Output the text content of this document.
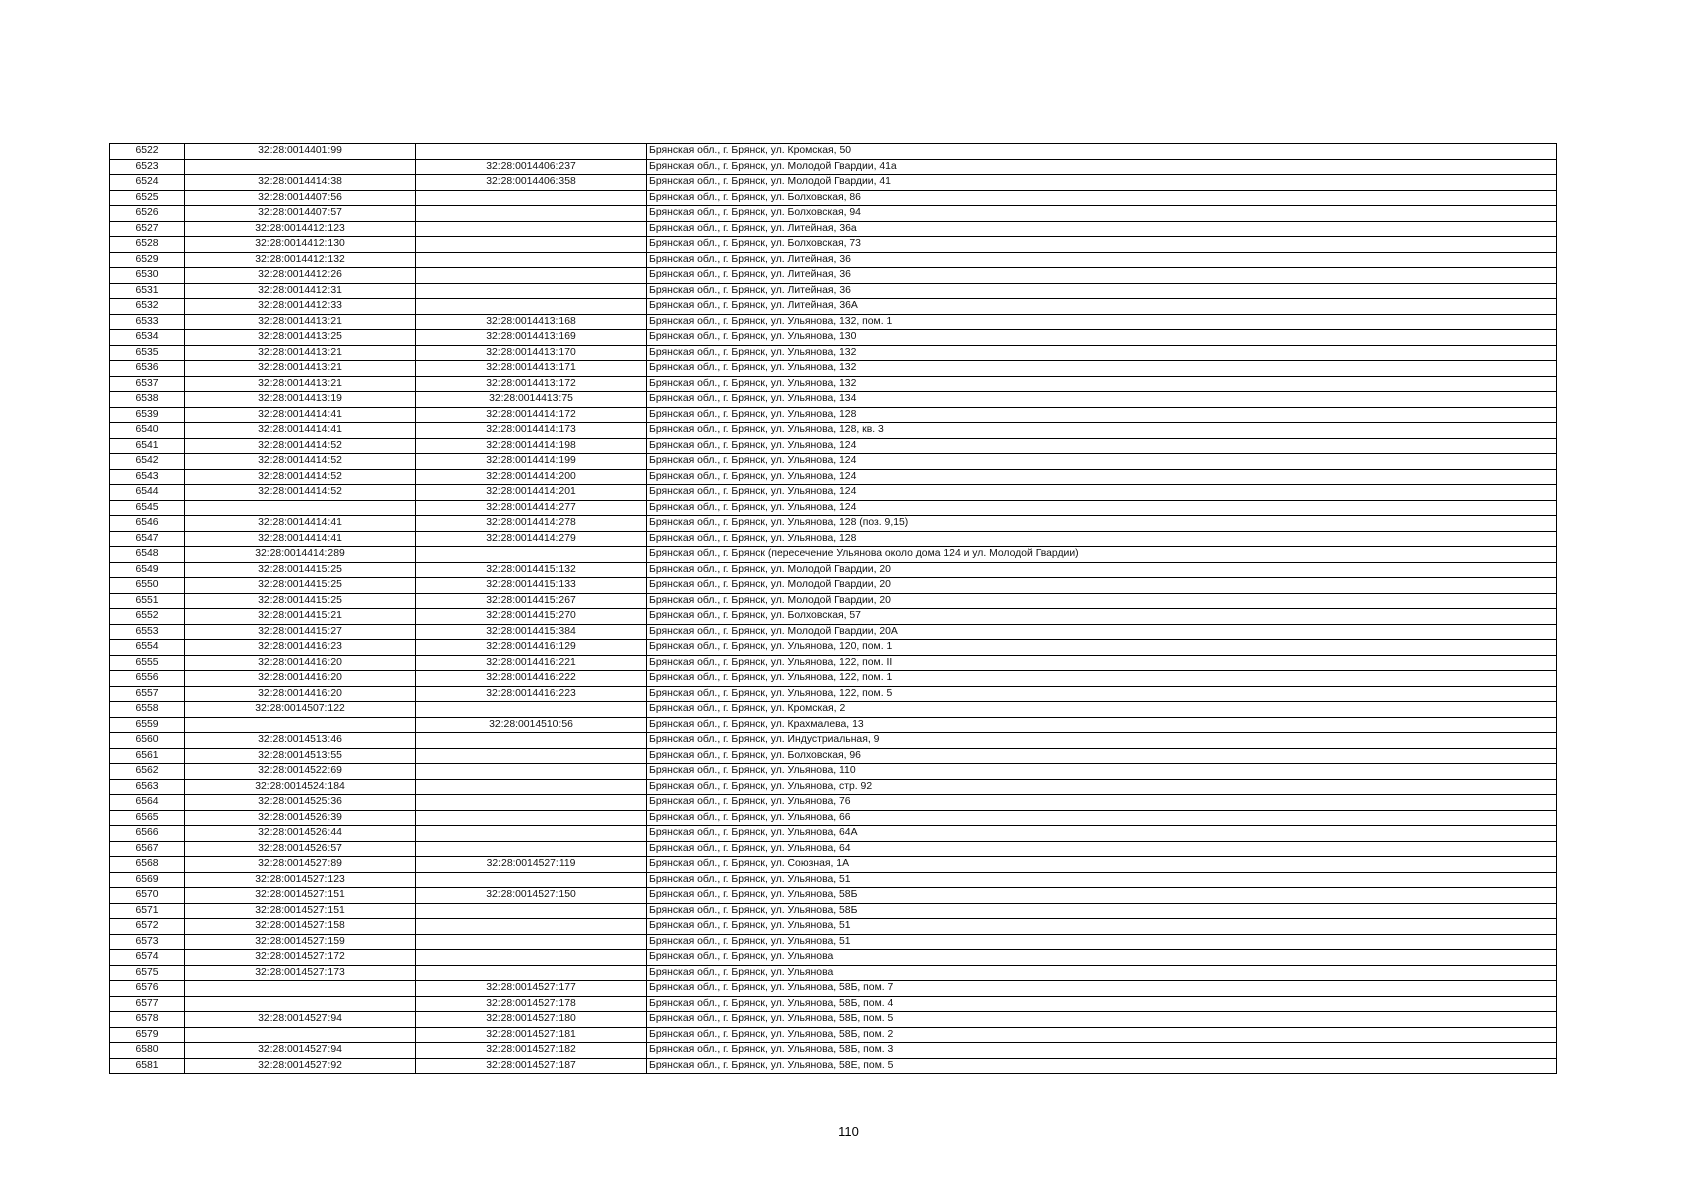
6522	32:28:0014401:99		Брянская обл., г. Брянск, ул. Кромская, 50
6523		32:28:0014406:237	Брянская обл., г. Брянск, ул. Молодой Гвардии, 41а
6524	32:28:0014414:38	32:28:0014406:358	Брянская обл., г. Брянск, ул. Молодой Гвардии, 41
6525	32:28:0014407:56		Брянская обл., г. Брянск, ул. Болховская, 86
6526	32:28:0014407:57		Брянская обл., г. Брянск, ул. Болховская, 94
6527	32:28:0014412:123		Брянская обл., г. Брянск, ул. Литейная, 36а
6528	32:28:0014412:130		Брянская обл., г. Брянск, ул. Болховская, 73
6529	32:28:0014412:132		Брянская обл., г. Брянск, ул. Литейная, 36
6530	32:28:0014412:26		Брянская обл., г. Брянск, ул. Литейная, 36
6531	32:28:0014412:31		Брянская обл., г. Брянск, ул. Литейная, 36
6532	32:28:0014412:33		Брянская обл., г. Брянск, ул. Литейная, 36А
6533	32:28:0014413:21	32:28:0014413:168	Брянская обл., г. Брянск, ул. Ульянова, 132, пом. 1
6534	32:28:0014413:25	32:28:0014413:169	Брянская обл., г. Брянск, ул. Ульянова, 130
6535	32:28:0014413:21	32:28:0014413:170	Брянская обл., г. Брянск, ул. Ульянова, 132
6536	32:28:0014413:21	32:28:0014413:171	Брянская обл., г. Брянск, ул. Ульянова, 132
6537	32:28:0014413:21	32:28:0014413:172	Брянская обл., г. Брянск, ул. Ульянова, 132
6538	32:28:0014413:19	32:28:0014413:75	Брянская обл., г. Брянск, ул. Ульянова, 134
6539	32:28:0014414:41	32:28:0014414:172	Брянская обл., г. Брянск, ул. Ульянова, 128
6540	32:28:0014414:41	32:28:0014414:173	Брянская обл., г. Брянск, ул. Ульянова, 128, кв. 3
6541	32:28:0014414:52	32:28:0014414:198	Брянская обл., г. Брянск, ул. Ульянова, 124
6542	32:28:0014414:52	32:28:0014414:199	Брянская обл., г. Брянск, ул. Ульянова, 124
6543	32:28:0014414:52	32:28:0014414:200	Брянская обл., г. Брянск, ул. Ульянова, 124
6544	32:28:0014414:52	32:28:0014414:201	Брянская обл., г. Брянск, ул. Ульянова, 124
6545		32:28:0014414:277	Брянская обл., г. Брянск, ул. Ульянова, 124
6546	32:28:0014414:41	32:28:0014414:278	Брянская обл., г. Брянск, ул. Ульянова, 128 (поз. 9,15)
6547	32:28:0014414:41	32:28:0014414:279	Брянская обл., г. Брянск, ул. Ульянова, 128
6548	32:28:0014414:289		Брянская обл., г. Брянск (пересечение Ульянова около дома 124 и ул. Молодой Гвардии)
6549	32:28:0014415:25	32:28:0014415:132	Брянская обл., г. Брянск, ул. Молодой Гвардии, 20
6550	32:28:0014415:25	32:28:0014415:133	Брянская обл., г. Брянск, ул. Молодой Гвардии, 20
6551	32:28:0014415:25	32:28:0014415:267	Брянская обл., г. Брянск, ул. Молодой Гвардии, 20
6552	32:28:0014415:21	32:28:0014415:270	Брянская обл., г. Брянск, ул. Болховская, 57
6553	32:28:0014415:27	32:28:0014415:384	Брянская обл., г. Брянск, ул. Молодой Гвардии, 20А
6554	32:28:0014416:23	32:28:0014416:129	Брянская обл., г. Брянск, ул. Ульянова, 120, пом. 1
6555	32:28:0014416:20	32:28:0014416:221	Брянская обл., г. Брянск, ул. Ульянова, 122, пом. II
6556	32:28:0014416:20	32:28:0014416:222	Брянская обл., г. Брянск, ул. Ульянова, 122, пом. 1
6557	32:28:0014416:20	32:28:0014416:223	Брянская обл., г. Брянск, ул. Ульянова, 122, пом. 5
6558	32:28:0014507:122		Брянская обл., г. Брянск, ул. Кромская, 2
6559		32:28:0014510:56	Брянская обл., г. Брянск, ул. Крахмалева, 13
6560	32:28:0014513:46		Брянская обл., г. Брянск, ул. Индустриальная, 9
6561	32:28:0014513:55		Брянская обл., г. Брянск, ул. Болховская, 96
6562	32:28:0014522:69		Брянская обл., г. Брянск, ул. Ульянова, 110
6563	32:28:0014524:184		Брянская обл., г. Брянск, ул. Ульянова, стр. 92
6564	32:28:0014525:36		Брянская обл., г. Брянск, ул. Ульянова, 76
6565	32:28:0014526:39		Брянская обл., г. Брянск, ул. Ульянова, 66
6566	32:28:0014526:44		Брянская обл., г. Брянск, ул. Ульянова, 64А
6567	32:28:0014526:57		Брянская обл., г. Брянск, ул. Ульянова, 64
6568	32:28:0014527:89	32:28:0014527:119	Брянская обл., г. Брянск, ул. Союзная, 1А
6569	32:28:0014527:123		Брянская обл., г. Брянск, ул. Ульянова, 51
6570	32:28:0014527:151	32:28:0014527:150	Брянская обл., г. Брянск, ул. Ульянова, 58Б
6571	32:28:0014527:151		Брянская обл., г. Брянск, ул. Ульянова, 58Б
6572	32:28:0014527:158		Брянская обл., г. Брянск, ул. Ульянова, 51
6573	32:28:0014527:159		Брянская обл., г. Брянск, ул. Ульянова, 51
6574	32:28:0014527:172		Брянская обл., г. Брянск, ул. Ульянова
6575	32:28:0014527:173		Брянская обл., г. Брянск, ул. Ульянова
6576		32:28:0014527:177	Брянская обл., г. Брянск, ул. Ульянова, 58Б, пом. 7
6577		32:28:0014527:178	Брянская обл., г. Брянск, ул. Ульянова, 58Б, пом. 4
6578	32:28:0014527:94	32:28:0014527:180	Брянская обл., г. Брянск, ул. Ульянова, 58Б, пом. 5
6579		32:28:0014527:181	Брянская обл., г. Брянск, ул. Ульянова, 58Б, пом. 2
6580	32:28:0014527:94	32:28:0014527:182	Брянская обл., г. Брянск, ул. Ульянова, 58Б, пом. 3
6581	32:28:0014527:92	32:28:0014527:187	Брянская обл., г. Брянск, ул. Ульянова, 58Е, пом. 5
110
